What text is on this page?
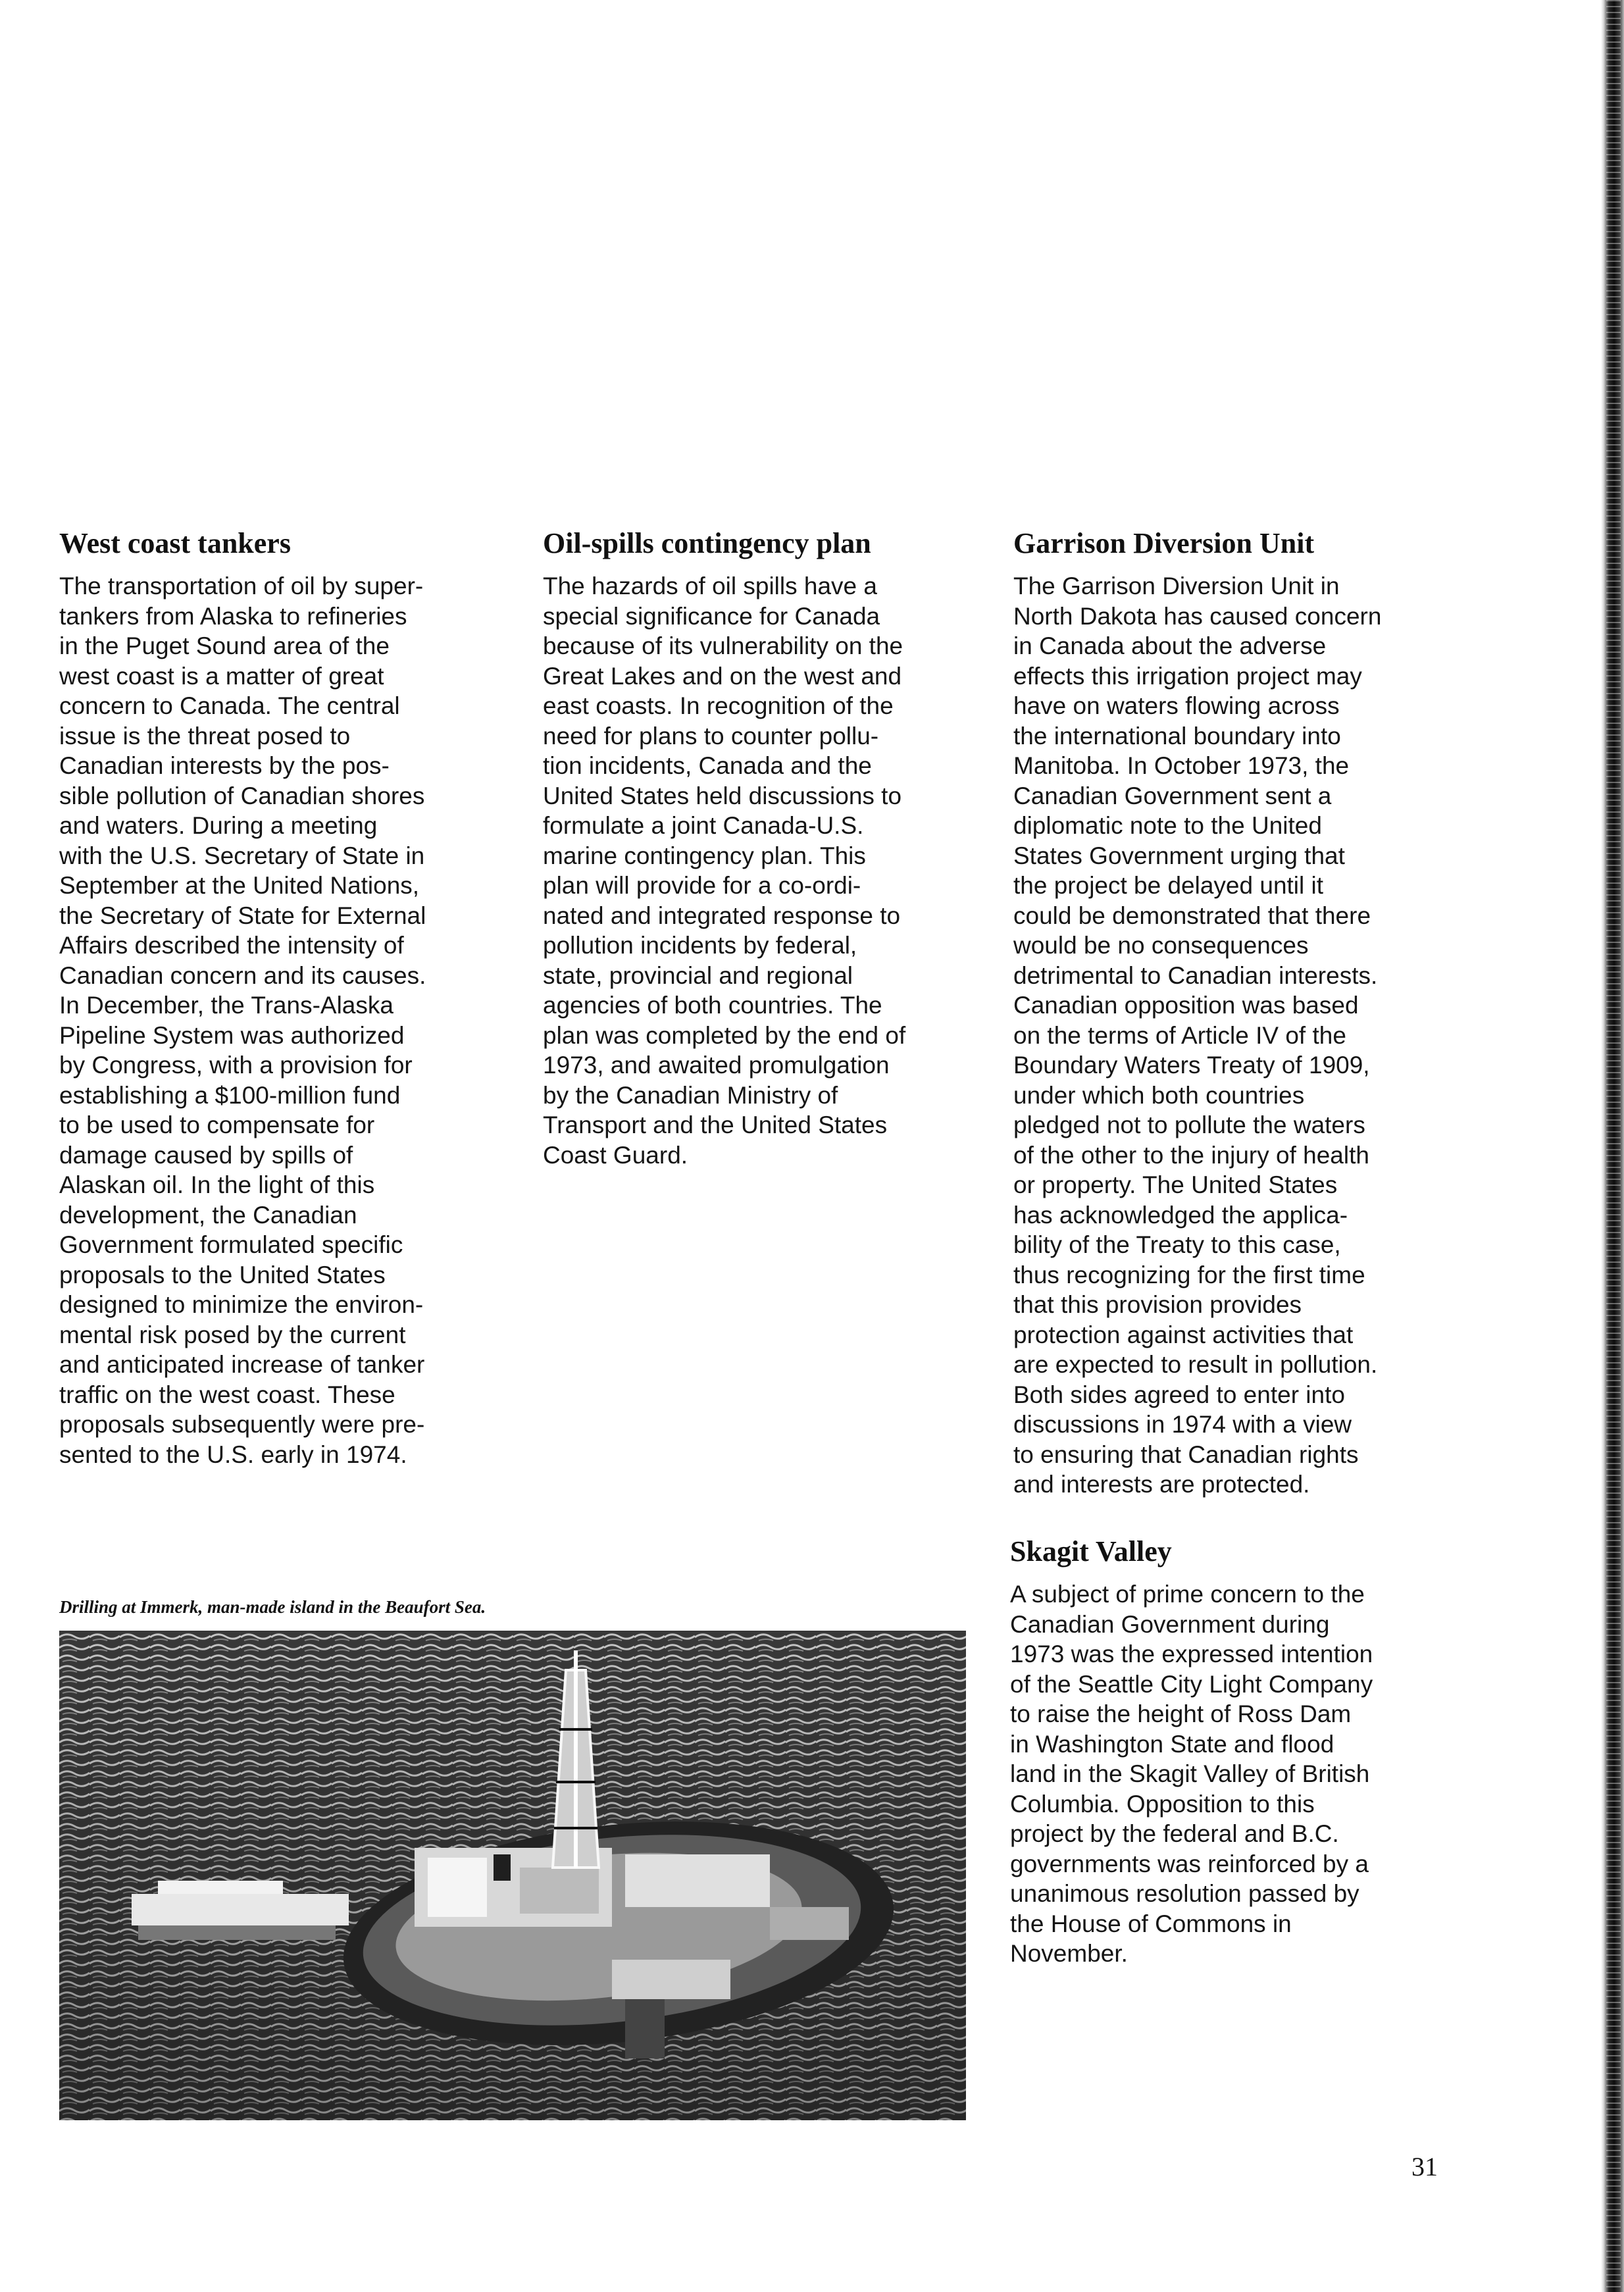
West coast tankers
The transportation of oil by super-
tankers from Alaska to refineries
in the Puget Sound area of the
west coast is a matter of great
concern to Canada. The central
issue is the threat posed to
Canadian interests by the pos-
sible pollution of Canadian shores
and waters. During a meeting
with the U.S. Secretary of State in
September at the United Nations,
the Secretary of State for External
Affairs described the intensity of
Canadian concern and its causes.
In December, the Trans-Alaska
Pipeline System was authorized
by Congress, with a provision for
establishing a $100-million fund
to be used to compensate for
damage caused by spills of
Alaskan oil. In the light of this
development, the Canadian
Government formulated specific
proposals to the United States
designed to minimize the environ-
mental risk posed by the current
and anticipated increase of tanker
traffic on the west coast. These
proposals subsequently were pre-
sented to the U.S. early in 1974.
Oil-spills contingency plan
The hazards of oil spills have a
special significance for Canada
because of its vulnerability on the
Great Lakes and on the west and
east coasts. In recognition of the
need for plans to counter pollu-
tion incidents, Canada and the
United States held discussions to
formulate a joint Canada-U.S.
marine contingency plan. This
plan will provide for a co-ordi-
nated and integrated response to
pollution incidents by federal,
state, provincial and regional
agencies of both countries. The
plan was completed by the end of
1973, and awaited promulgation
by the Canadian Ministry of
Transport and the United States
Coast Guard.
Garrison Diversion Unit
The Garrison Diversion Unit in
North Dakota has caused concern
in Canada about the adverse
effects this irrigation project may
have on waters flowing across
the international boundary into
Manitoba. In October 1973, the
Canadian Government sent a
diplomatic note to the United
States Government urging that
the project be delayed until it
could be demonstrated that there
would be no consequences
detrimental to Canadian interests.
Canadian opposition was based
on the terms of Article IV of the
Boundary Waters Treaty of 1909,
under which both countries
pledged not to pollute the waters
of the other to the injury of health
or property. The United States
has acknowledged the applica-
bility of the Treaty to this case,
thus recognizing for the first time
that this provision provides
protection against activities that
are expected to result in pollution.
Both sides agreed to enter into
discussions in 1974 with a view
to ensuring that Canadian rights
and interests are protected.
Skagit Valley
A subject of prime concern to the
Canadian Government during
1973 was the expressed intention
of the Seattle City Light Company
to raise the height of Ross Dam
in Washington State and flood
land in the Skagit Valley of British
Columbia. Opposition to this
project by the federal and B.C.
governments was reinforced by a
unanimous resolution passed by
the House of Commons in
November.
Drilling at Immerk, man-made island in the Beaufort Sea.
31
